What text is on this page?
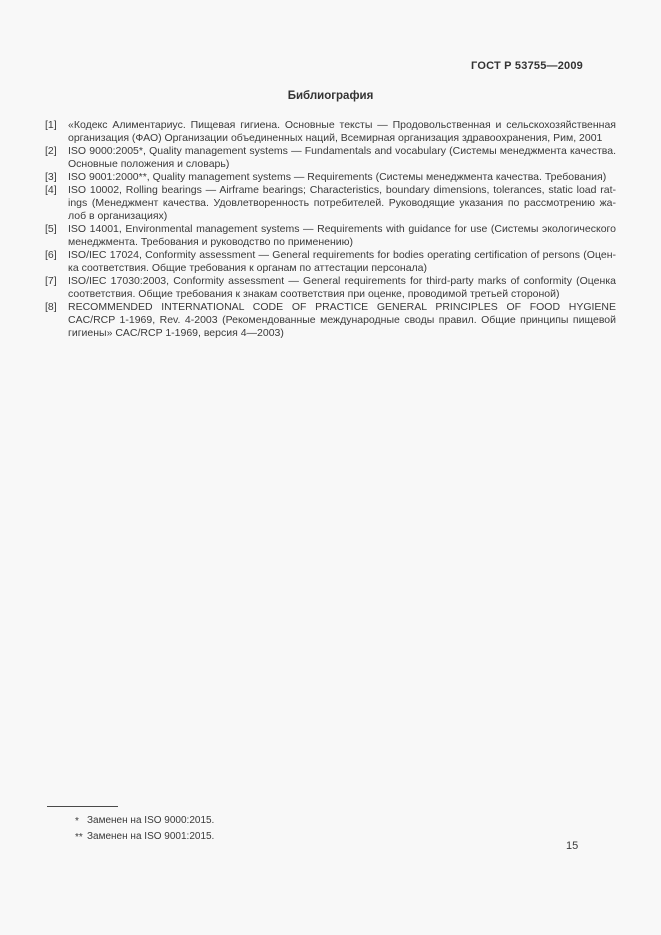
ГОСТ Р 53755—2009
Библиография
[1]	«Кодекс Алиментариус. Пищевая гигиена. Основные тексты — Продовольственная и сельскохозяйственная
организация (ФАО) Организации объединенных наций, Всемирная организация здравоохранения, Рим, 2001
[2]	ISO 9000:2005*, Quality management systems — Fundamentals and vocabulary (Системы менеджмента качества.
Основные положения и словарь)
[3]	ISO 9001:2000**, Quality management systems — Requirements (Системы менеджмента качества. Требования)
[4]	ISO 10002, Rolling bearings — Airframe bearings; Characteristics, boundary dimensions, tolerances, static load rat-
ings (Менеджмент качества. Удовлетворенность потребителей. Руководящие указания по рассмотрению жа-
лоб в организациях)
[5]	ISO 14001, Environmental management systems — Requirements with guidance for use (Системы экологического
менеджмента. Требования и руководство по применению)
[6]	ISO/IEC 17024, Conformity assessment — General requirements for bodies operating certification of persons (Оцен-
ка соответствия. Общие требования к органам по аттестации персонала)
[7]	ISO/IEC 17030:2003, Conformity assessment — General requirements for third-party marks of conformity (Оценка
соответствия. Общие требования к знакам соответствия при оценке, проводимой третьей стороной)
[8]	RECOMMENDED INTERNATIONAL CODE OF PRACTICE GENERAL PRINCIPLES OF FOOD HYGIENE
CAC/RCP 1-1969, Rev. 4-2003 (Рекомендованные международные своды правил. Общие принципы пищевой
гигиены» CAC/RCP 1-1969, версия 4—2003)
* Заменен на ISO 9000:2015.
** Заменен на ISO 9001:2015.
15
